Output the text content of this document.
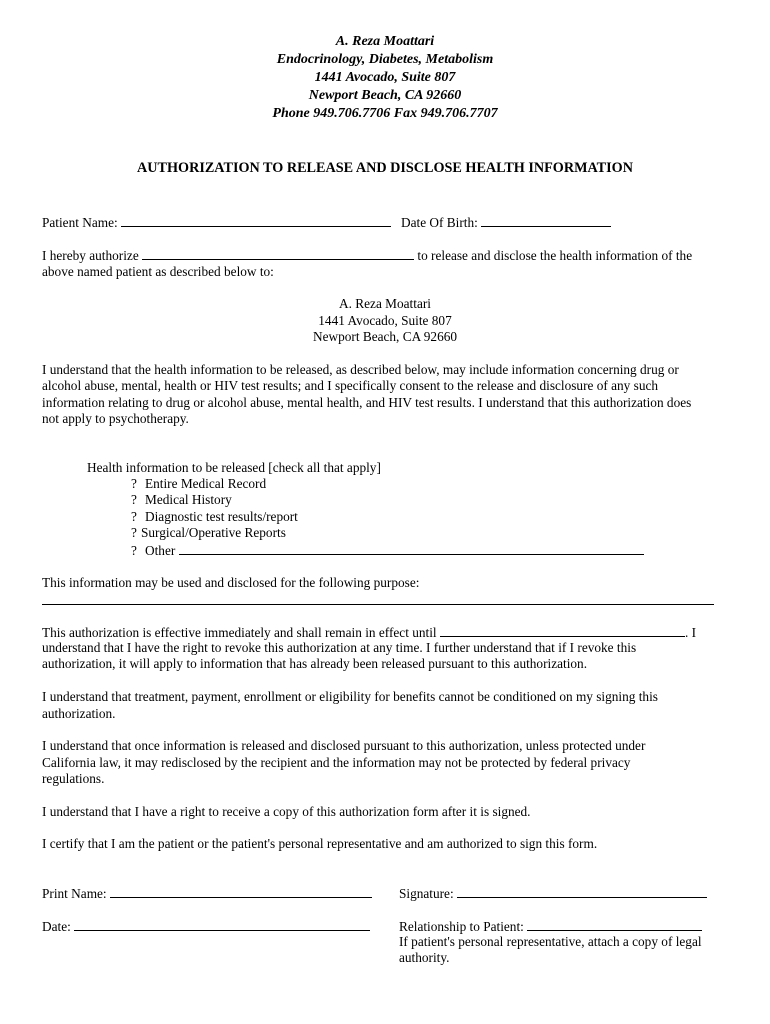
A. Reza Moattari
Endocrinology, Diabetes, Metabolism
1441 Avocado, Suite 807
Newport Beach, CA 92660
Phone 949.706.7706 Fax 949.706.7707
AUTHORIZATION TO RELEASE AND DISCLOSE HEALTH INFORMATION
Patient Name:	Date Of Birth:
I hereby authorize	to release and disclose the health information of the
above named patient as described below to:
A. Reza Moattari
1441 Avocado, Suite 807
Newport Beach, CA 92660
I understand that the health information to be released, as described below, may include information concerning drug or
alcohol abuse, mental, health or HIV test results; and I specifically consent to the release and disclosure of any such
information relating to drug or alcohol abuse, mental health, and HIV test results. I understand that this authorization does
not apply to psychotherapy.
Health information to be released [check all that apply]
? Entire Medical Record
? Medical History
? Diagnostic test results/report
? Surgical/Operative Reports
? Other
This information may be used and disclosed for the following purpose:
This authorization is effective immediately and shall remain in effect until	. I
understand that I have the right to revoke this authorization at any time. I further understand that if I revoke this
authorization, it will apply to information that has already been released pursuant to this authorization.
I understand that treatment, payment, enrollment or eligibility for benefits cannot be conditioned on my signing this
authorization.
I understand that once information is released and disclosed pursuant to this authorization, unless protected under
California law, it may redisclosed by the recipient and the information may not be protected by federal privacy
regulations.
I understand that I have a right to receive a copy of this authorization form after it is signed.
I certify that I am the patient or the patient's personal representative and am authorized to sign this form.
Print Name:	Signature:
Date:	Relationship to Patient:
If patient's personal representative, attach a copy of legal
authority.
